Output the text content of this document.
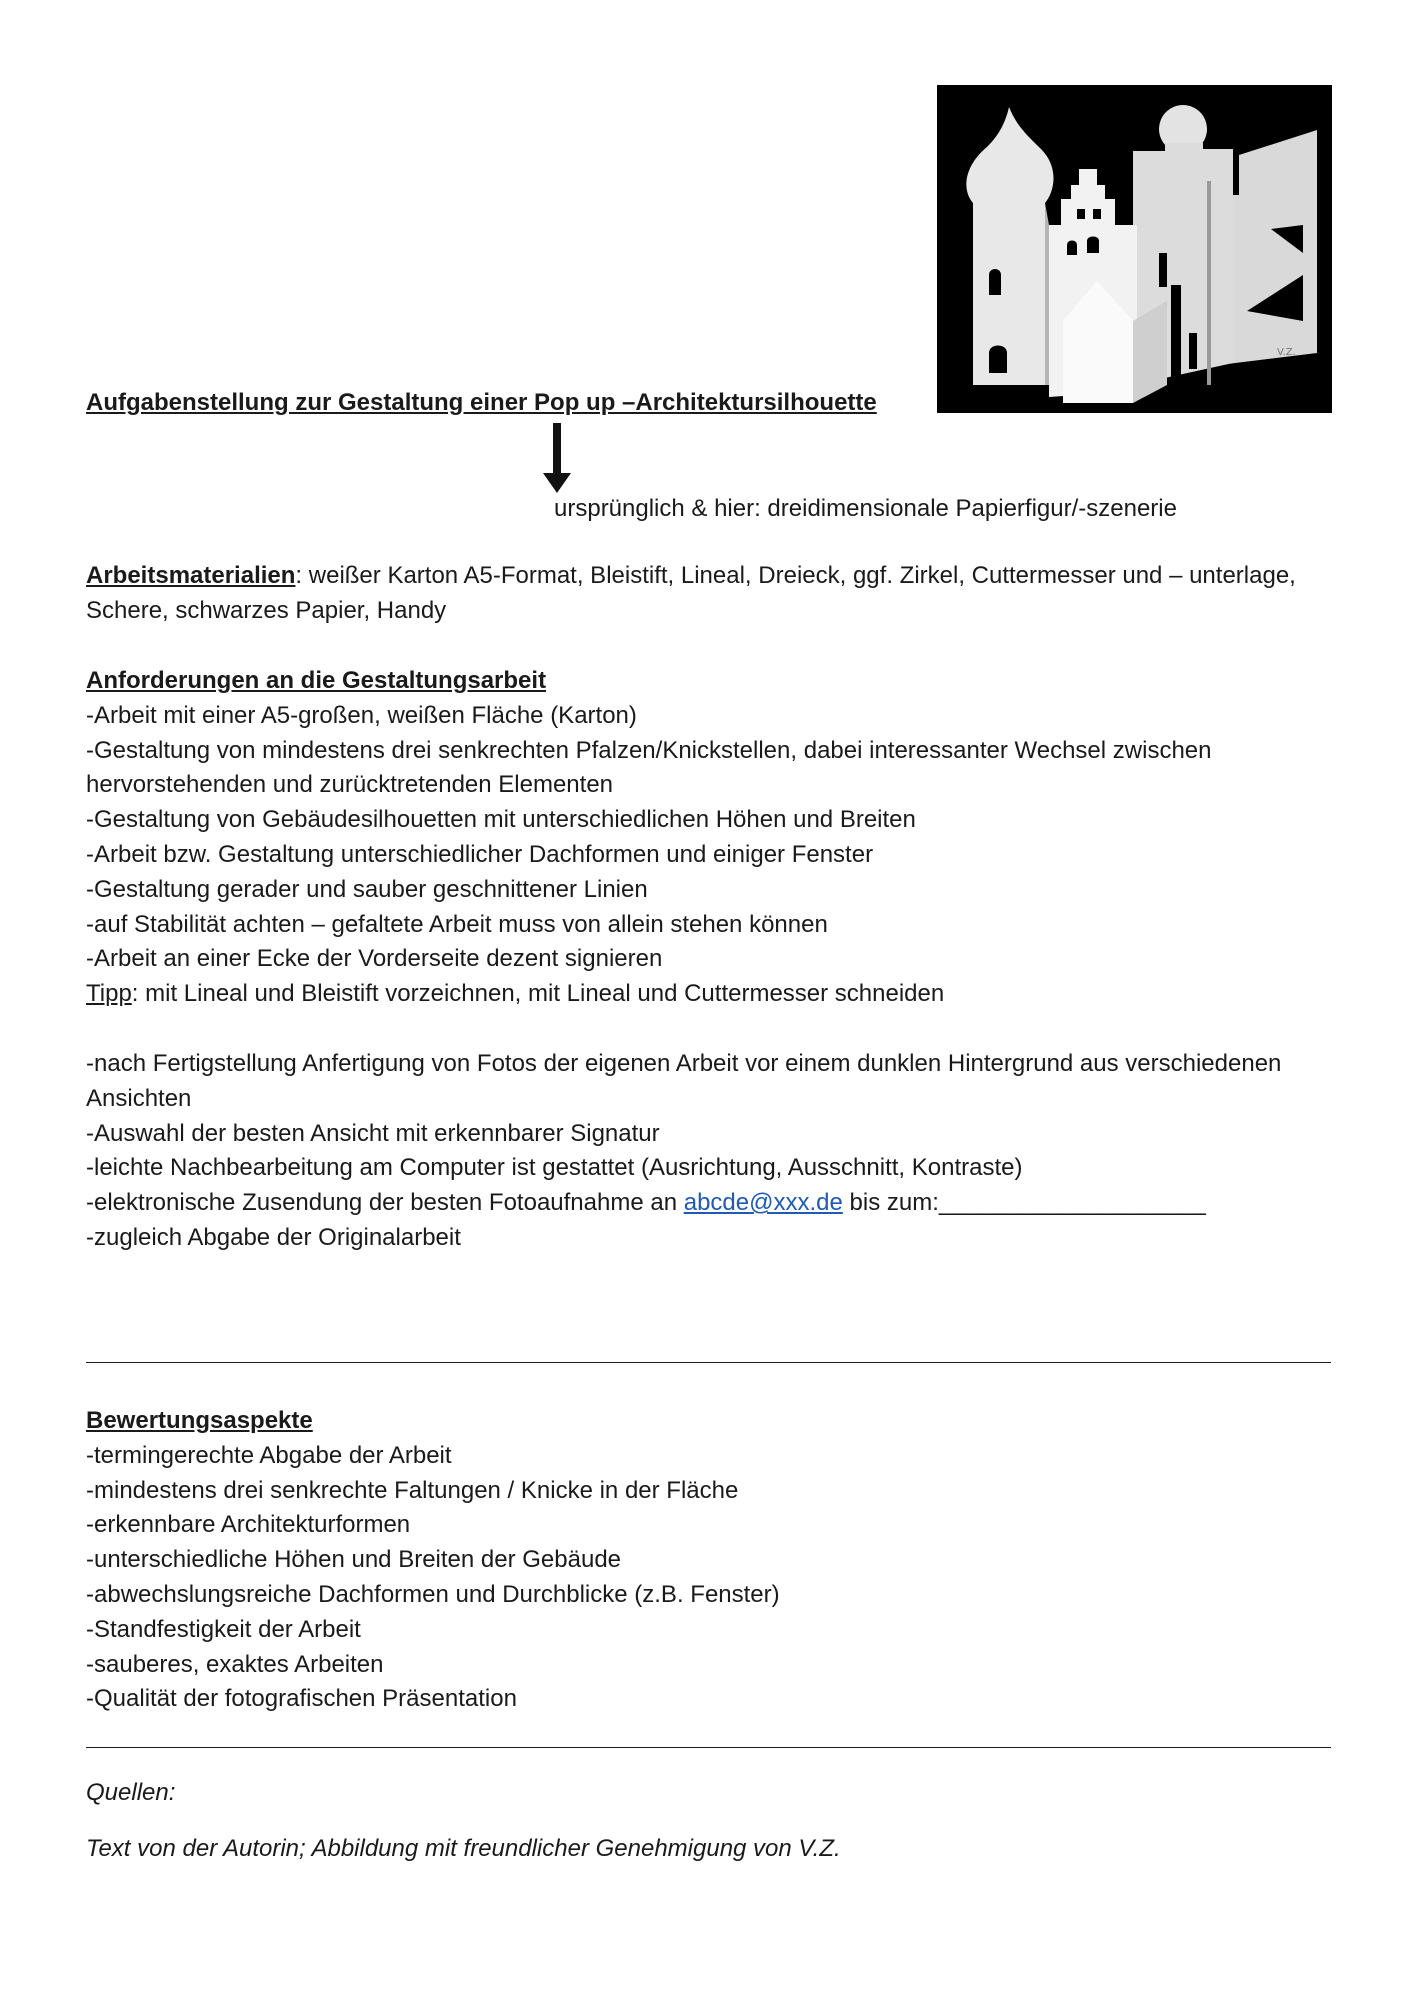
V.Z.
Aufgabenstellung zur Gestaltung einer Pop up –Architektursilhouette
ursprünglich & hier: dreidimensionale Papierfigur/-szenerie

Arbeitsmaterialien: weißer Karton A5-Format, Bleistift, Lineal, Dreieck, ggf. Zirkel, Cuttermesser und – unterlage, Schere, schwarzes Papier, Handy

Anforderungen an die Gestaltungsarbeit

-Arbeit mit einer A5-großen, weißen Fläche (Karton)

-Gestaltung von mindestens drei senkrechten Pfalzen/Knickstellen, dabei interessanter Wechsel zwischen hervorstehenden und zurücktretenden Elementen

-Gestaltung von Gebäudesilhouetten mit unterschiedlichen Höhen und Breiten

-Arbeit bzw. Gestaltung unterschiedlicher Dachformen und einiger Fenster

-Gestaltung gerader und sauber geschnittener Linien

-auf Stabilität achten – gefaltete Arbeit muss von allein stehen können

-Arbeit an einer Ecke der Vorderseite dezent signieren

Tipp: mit Lineal und Bleistift vorzeichnen, mit Lineal und Cuttermesser schneiden

-nach Fertigstellung Anfertigung von Fotos der eigenen Arbeit vor einem dunklen Hintergrund aus verschiedenen Ansichten

-Auswahl der besten Ansicht mit erkennbarer Signatur

-leichte Nachbearbeitung am Computer ist gestattet (Ausrichtung, Ausschnitt, Kontraste)

-elektronische Zusendung der besten Fotoaufnahme an abcde@xxx.de bis zum:____________________

-zugleich Abgabe der Originalarbeit

Bewertungsaspekte

-termingerechte Abgabe der Arbeit

-mindestens drei senkrechte Faltungen / Knicke in der Fläche

-erkennbare Architekturformen

-unterschiedliche Höhen und Breiten der Gebäude

-abwechslungsreiche Dachformen und Durchblicke (z.B. Fenster)

-Standfestigkeit der Arbeit

-sauberes, exaktes Arbeiten

-Qualität der fotografischen Präsentation

Quellen:
Text von der Autorin; Abbildung mit freundlicher Genehmigung von V.Z.
